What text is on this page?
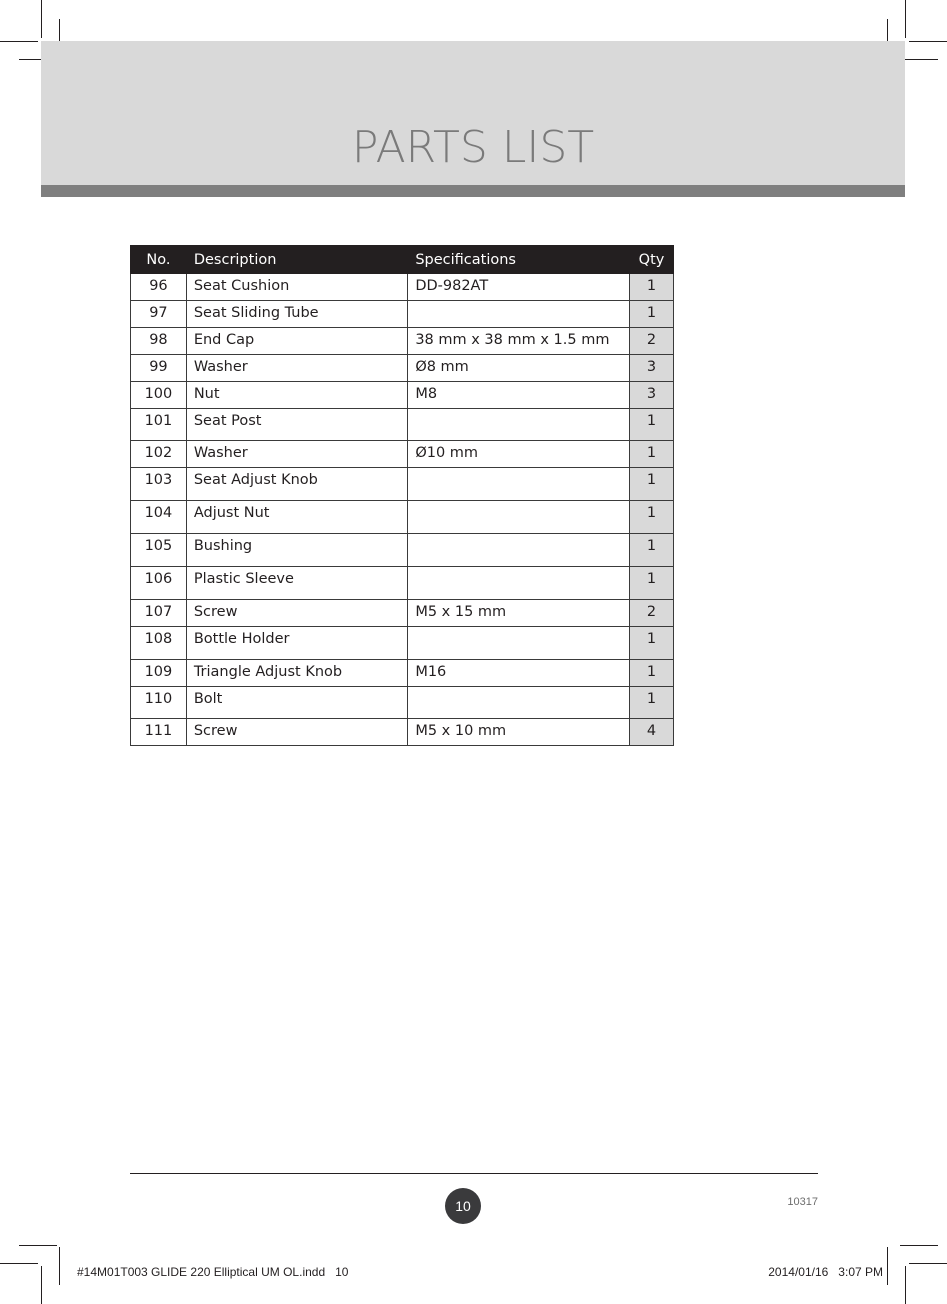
PARTS LIST
No.	Description	Specifications	Qty
96	Seat Cushion	DD-982AT	1
97	Seat Sliding Tube		1
98	End Cap	38 mm x 38 mm x 1.5 mm	2
99	Washer	Ø8 mm	3
100	Nut	M8	3
101	Seat Post		1
102	Washer	Ø10 mm	1
103	Seat Adjust Knob		1
104	Adjust Nut		1
105	Bushing		1
106	Plastic Sleeve		1
107	Screw	M5 x 15 mm	2
108	Bottle Holder		1
109	Triangle Adjust Knob	M16	1
110	Bolt		1
111	Screw	M5 x 10 mm	4
10	10317
#14M01T003 GLIDE 220 Elliptical UM OL.indd   10	2014/01/16   3:07 PM
